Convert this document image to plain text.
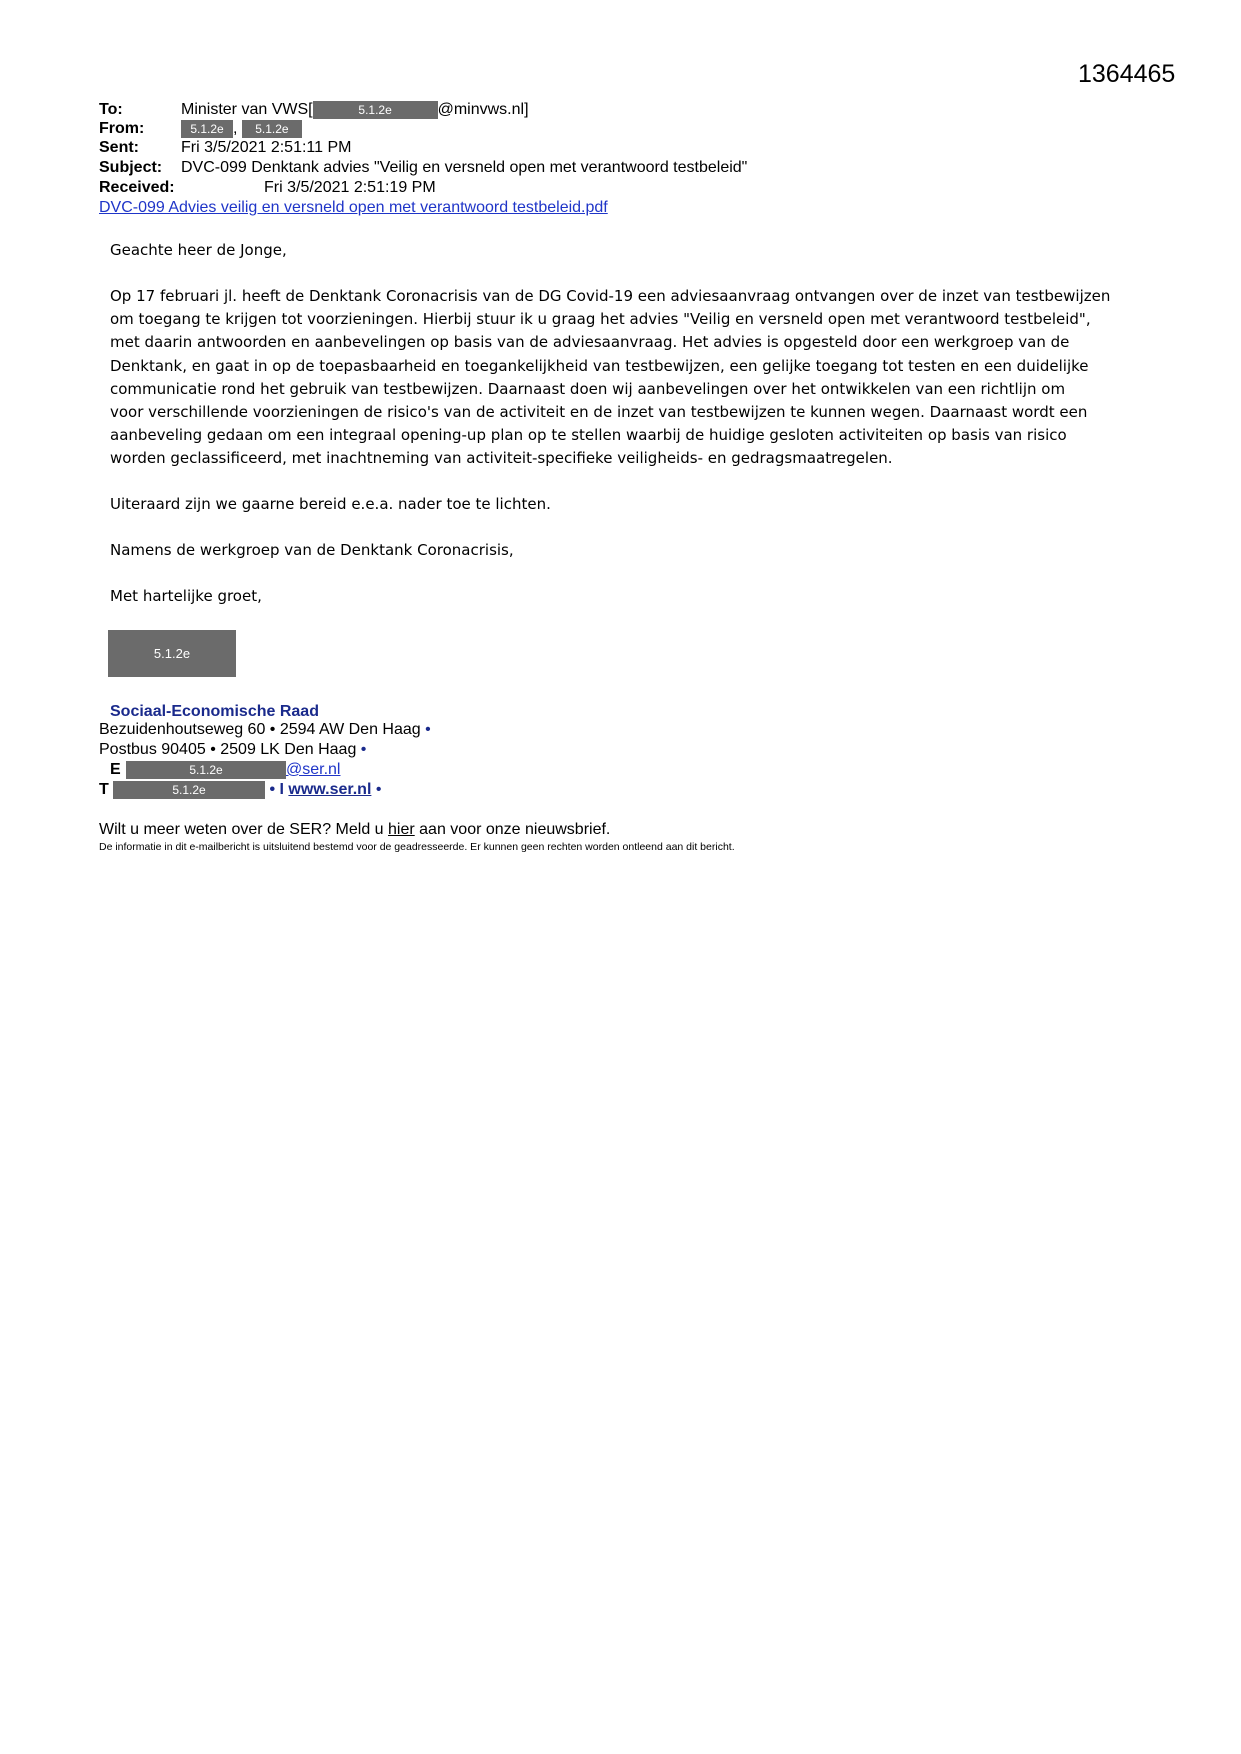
1364465
To:	Minister van VWS[	5.1.2e	@minvws.nl]
From:	5.1.2e , 5.1.2e
Sent:	Fri 3/5/2021 2:51:11 PM
Subject: DVC-099 Denktank advies "Veilig en versneld open met verantwoord testbeleid"
Received:	Fri 3/5/2021 2:51:19 PM
DVC-099 Advies veilig en versneld open met verantwoord testbeleid.pdf
Geachte heer de Jonge,
Op 17 februari jl. heeft de Denktank Coronacrisis van de DG Covid-19 een adviesaanvraag ontvangen over de inzet van testbewijzen
om toegang te krijgen tot voorzieningen. Hierbij stuur ik u graag het advies "Veilig en versneld open met verantwoord testbeleid",
met daarin antwoorden en aanbevelingen op basis van de adviesaanvraag. Het advies is opgesteld door een werkgroep van de
Denktank, en gaat in op de toepasbaarheid en toegankelijkheid van testbewijzen, een gelijke toegang tot testen en een duidelijke
communicatie rond het gebruik van testbewijzen. Daarnaast doen wij aanbevelingen over het ontwikkelen van een richtlijn om
voor verschillende voorzieningen de risico's van de activiteit en de inzet van testbewijzen te kunnen wegen. Daarnaast wordt een
aanbeveling gedaan om een integraal opening-up plan op te stellen waarbij de huidige gesloten activiteiten op basis van risico
worden geclassificeerd, met inachtneming van activiteit-specifieke veiligheids- en gedragsmaatregelen.
Uiteraard zijn we gaarne bereid e.e.a. nader toe te lichten.
Namens de werkgroep van de Denktank Coronacrisis,
Met hartelijke groet,
5.1.2e
Sociaal-Economische Raad
Bezuidenhoutseweg 60 • 2594 AW Den Haag •
Postbus 90405 • 2509 LK Den Haag •
E	5.1.2e	@ser.nl
T	5.1.2e	• I www.ser.nl •
Wilt u meer weten over de SER? Meld u hier aan voor onze nieuwsbrief.
De informatie in dit e-mailbericht is uitsluitend bestemd voor de geadresseerde. Er kunnen geen rechten worden ontleend aan dit bericht.
